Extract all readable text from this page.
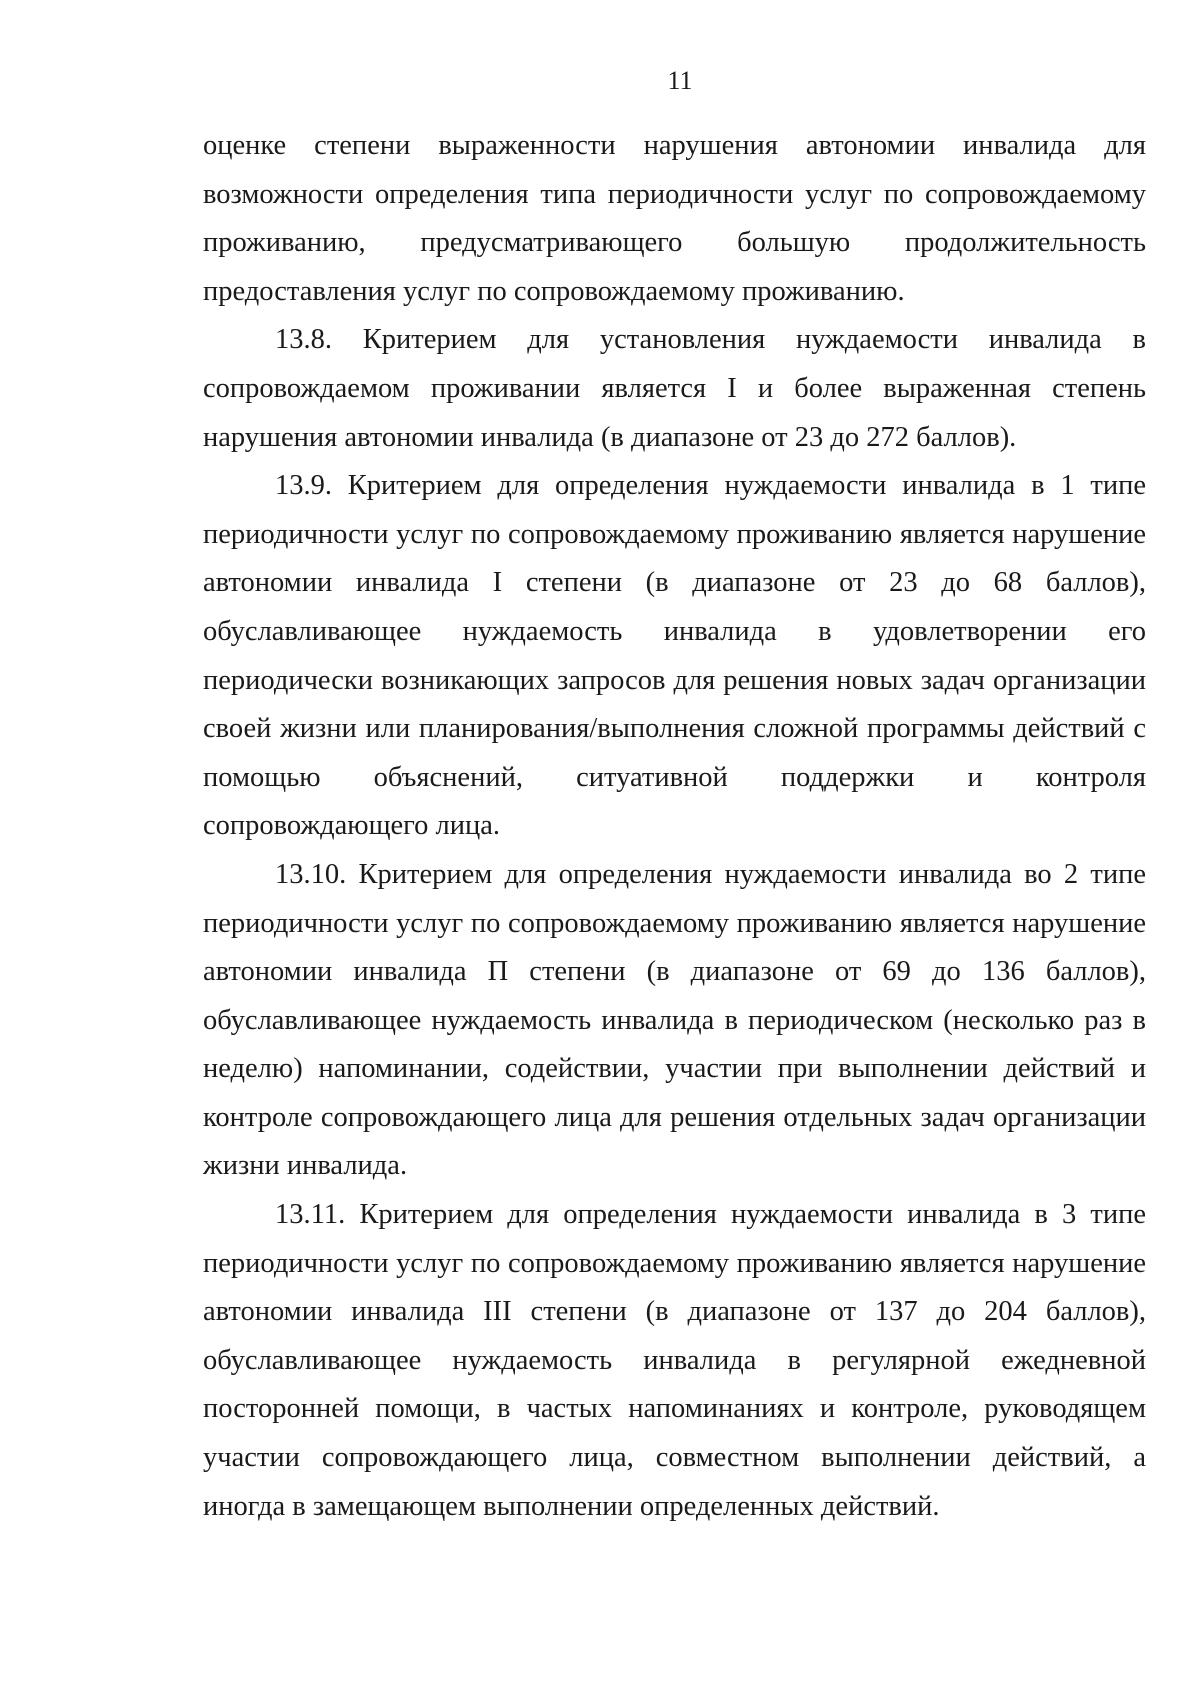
11

оценке степени выраженности нарушения автономии инвалида для возможности определения типа периодичности услуг по сопровождаемому проживанию, предусматривающего большую продолжительность предоставления услуг по сопровождаемому проживанию.

13.8. Критерием для установления нуждаемости инвалида в сопровождаемом проживании является I и более выраженная степень нарушения автономии инвалида (в диапазоне от 23 до 272 баллов).

13.9. Критерием для определения нуждаемости инвалида в 1 типе периодичности услуг по сопровождаемому проживанию является нарушение автономии инвалида I степени (в диапазоне от 23 до 68 баллов), обуславливающее нуждаемость инвалида в удовлетворении его периодически возникающих запросов для решения новых задач организации своей жизни или планирования/выполнения сложной программы действий с помощью объяснений, ситуативной поддержки и контроля сопровождающего лица.

13.10. Критерием для определения нуждаемости инвалида во 2 типе периодичности услуг по сопровождаемому проживанию является нарушение автономии инвалида П степени (в диапазоне от 69 до 136 баллов), обуславливающее нуждаемость инвалида в периодическом (несколько раз в неделю) напоминании, содействии, участии при выполнении действий и контроле сопровождающего лица для решения отдельных задач организации жизни инвалида.

13.11. Критерием для определения нуждаемости инвалида в 3 типе периодичности услуг по сопровождаемому проживанию является нарушение автономии инвалида III степени (в диапазоне от 137 до 204 баллов), обуславливающее нуждаемость инвалида в регулярной ежедневной посторонней помощи, в частых напоминаниях и контроле, руководящем участии сопровождающего лица, совместном выполнении действий, а иногда в замещающем выполнении определенных действий.
